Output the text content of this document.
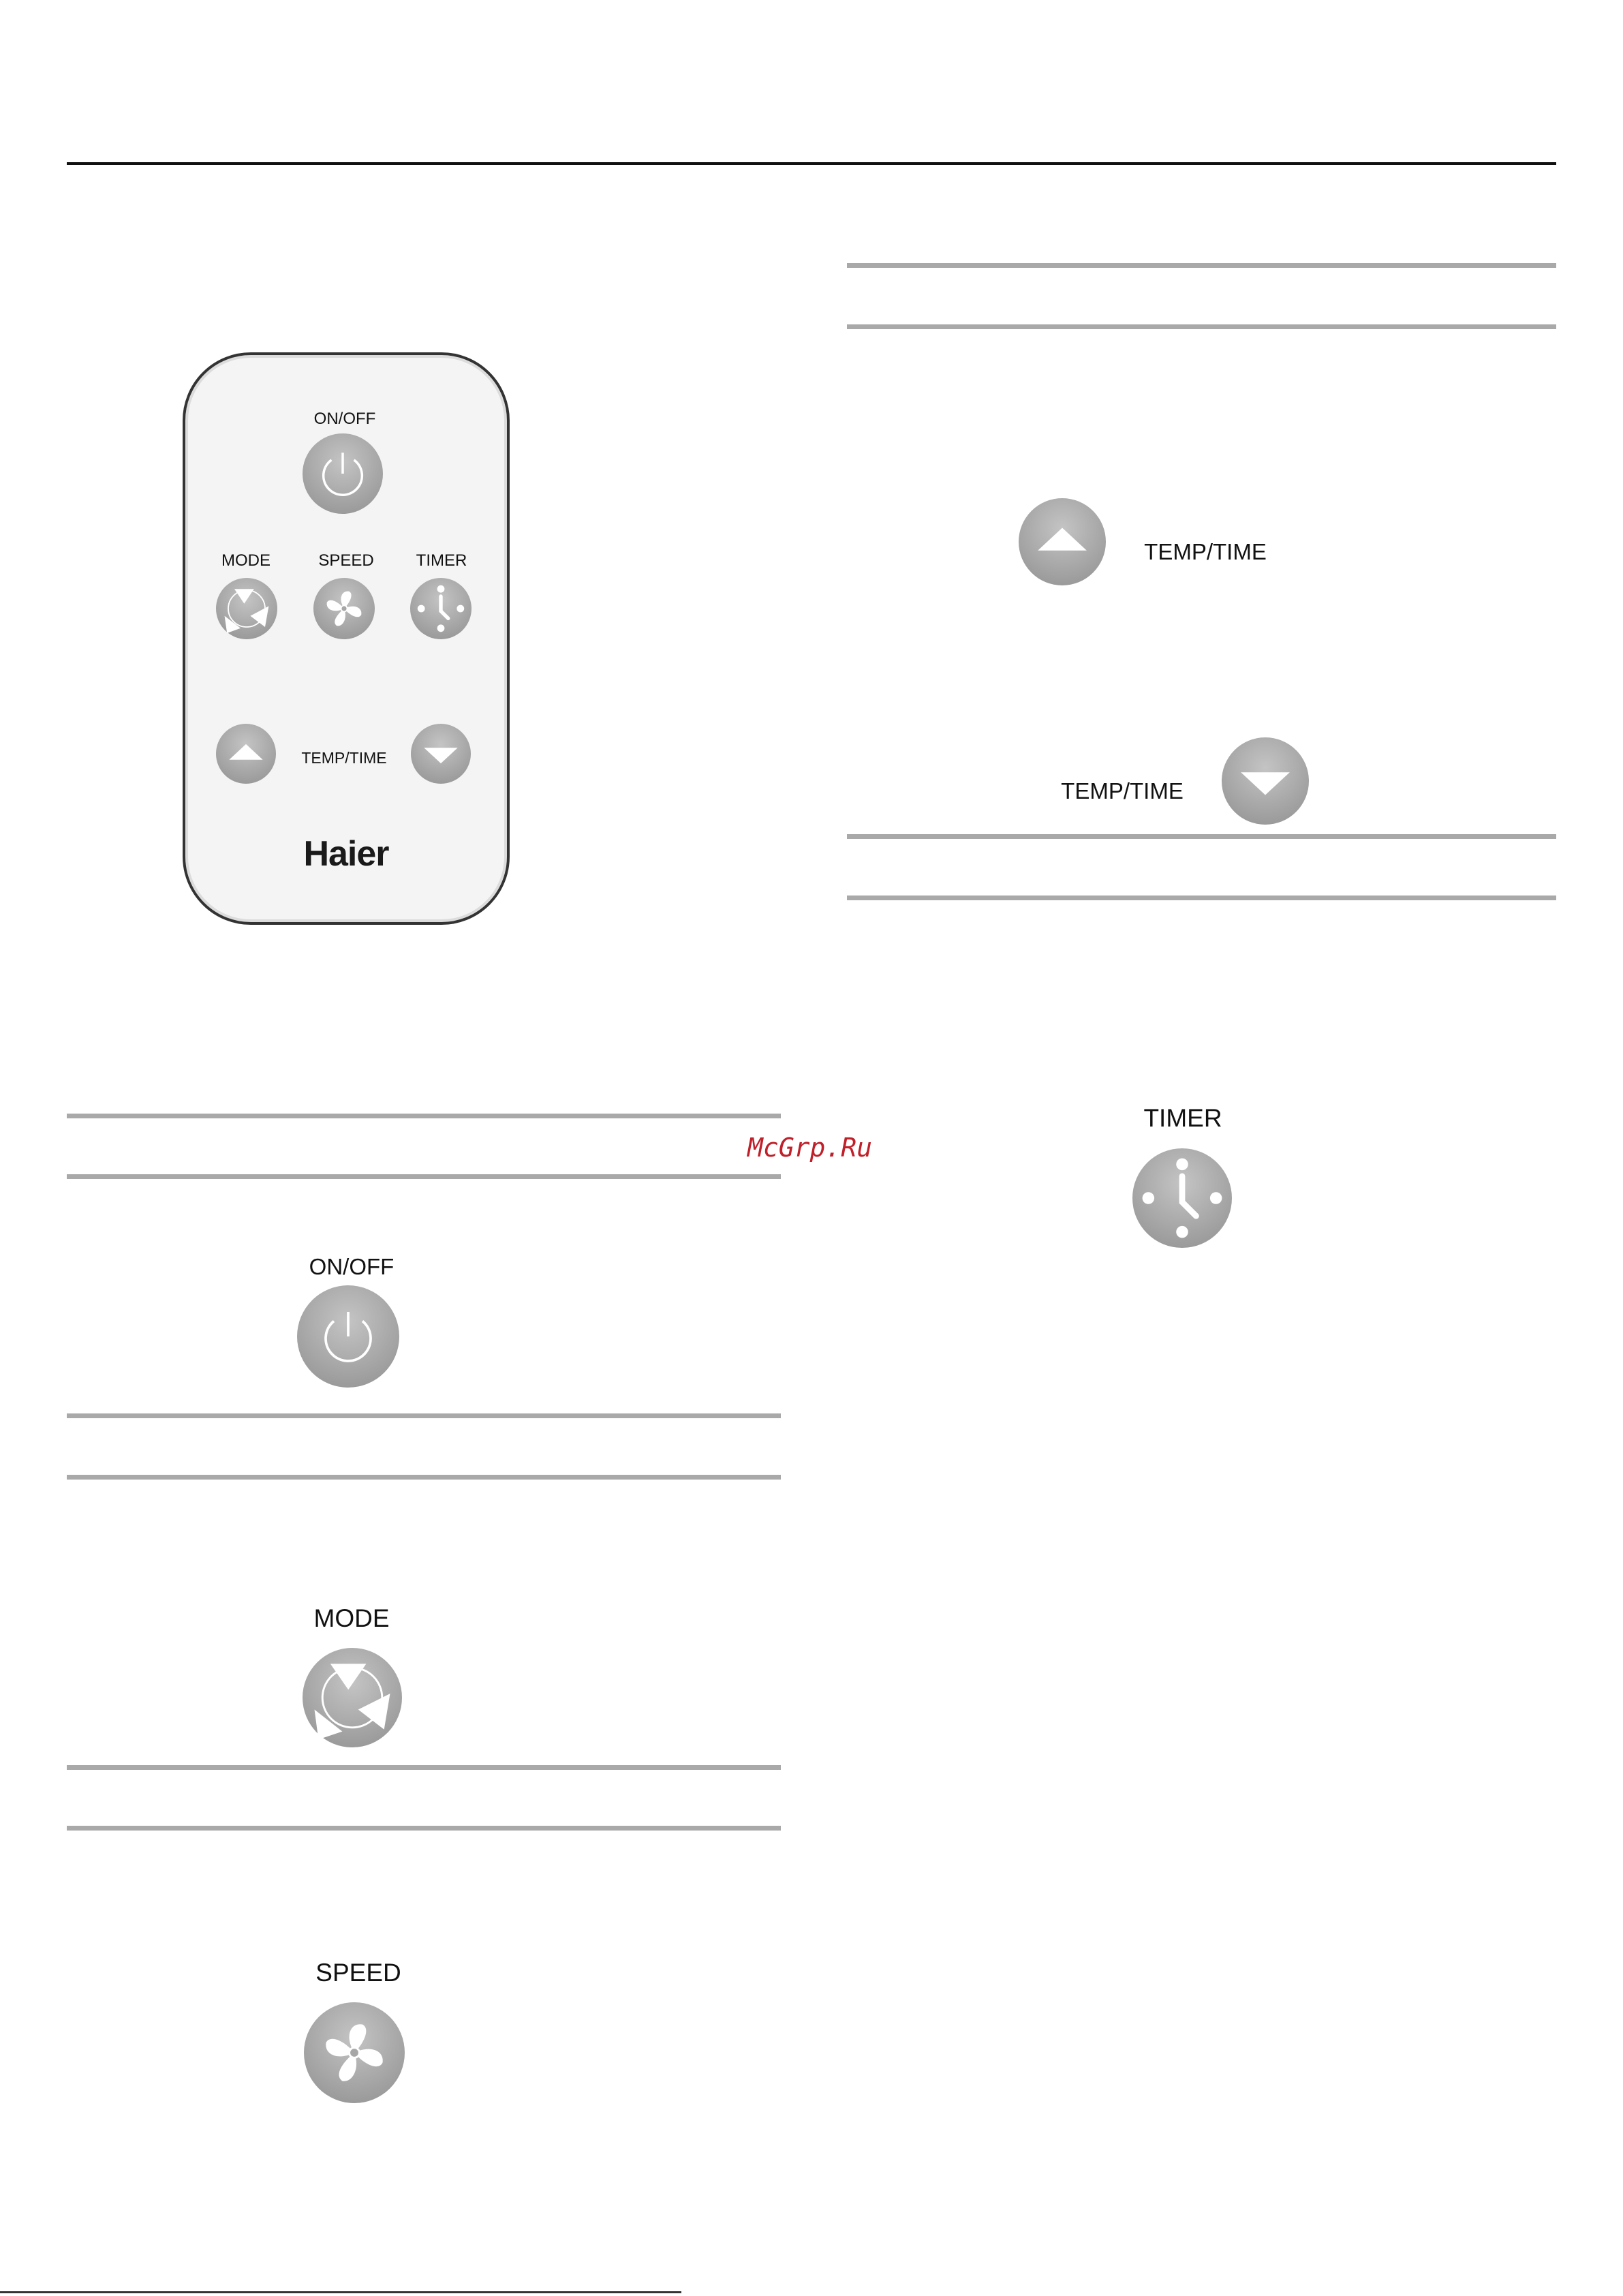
ON/OFF
MODE	SPEED	TIMER
TEMP/TIME
Haier
ON/OFF
MODE
SPEED
TEMP/TIME
TEMP/TIME
McGrp.Ru
TIMER
